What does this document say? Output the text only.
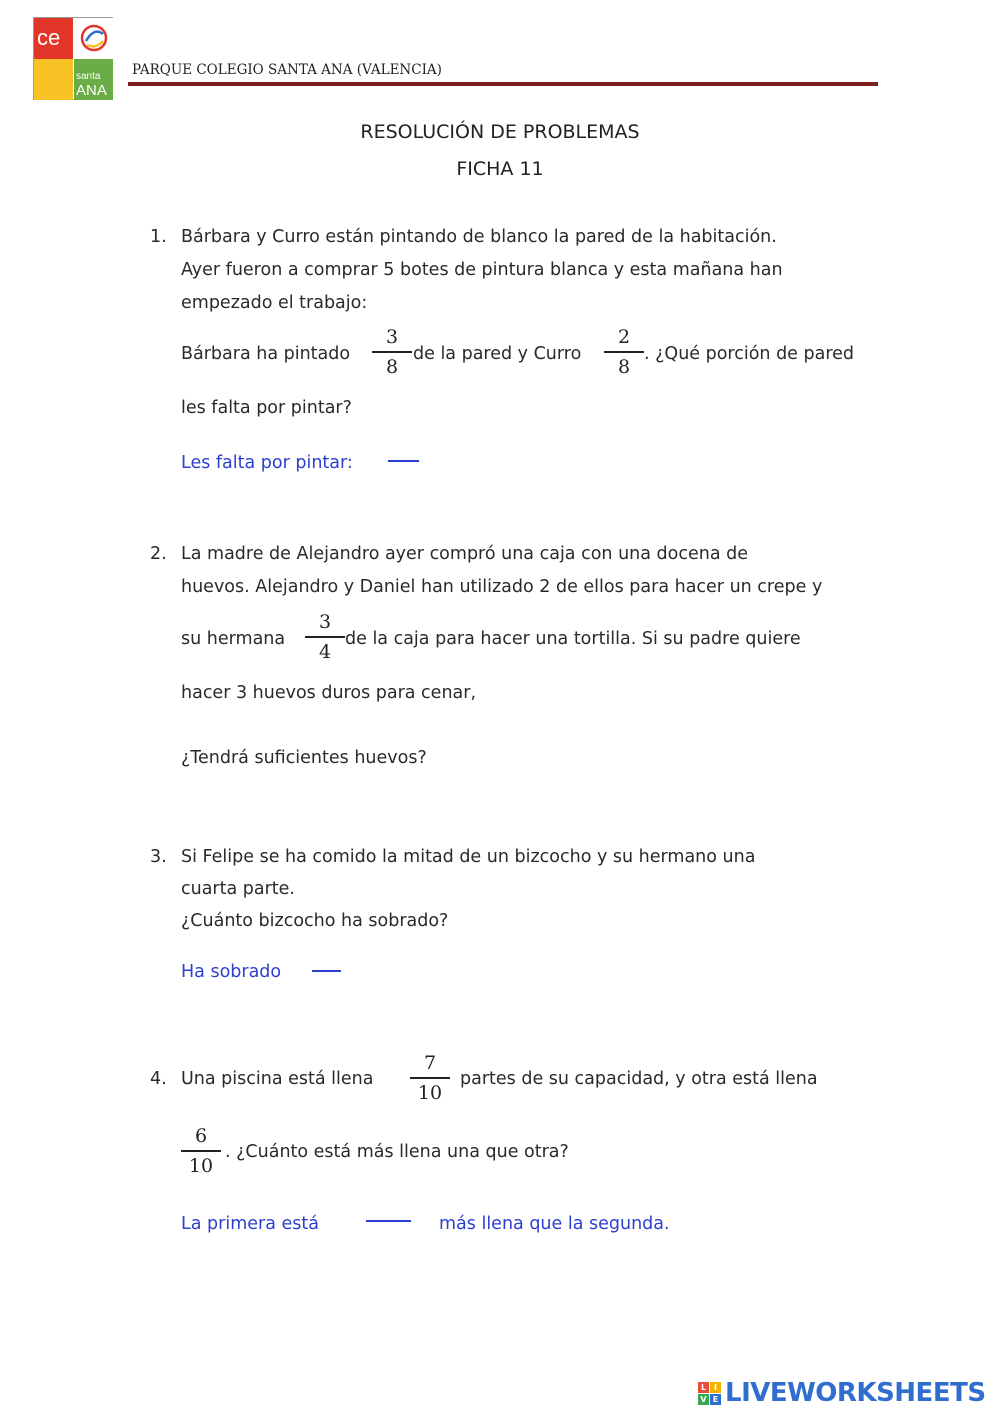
ce
santa
ANA
PARQUE COLEGIO SANTA ANA (VALENCIA)
RESOLUCIÓN DE PROBLEMAS
FICHA 11
1. Bárbara y Curro están pintando de blanco la pared de la habitación.
Ayer fueron a comprar 5 botes de pintura blanca y esta mañana han
empezado el trabajo:
Bárbara ha pintado
3
8
de la pared y Curro
2
8
. ¿Qué porción de pared
les falta por pintar?
Les falta por pintar:
2. La madre de Alejandro ayer compró una caja con una docena de
huevos. Alejandro y Daniel han utilizado 2 de ellos para hacer un crepe y
su hermana
3
4
de la caja para hacer una tortilla. Si su padre quiere
hacer 3 huevos duros para cenar,
¿Tendrá suficientes huevos?
3. Si Felipe se ha comido la mitad de un bizcocho y su hermano una
cuarta parte.
¿Cuánto bizcocho ha sobrado?
Ha sobrado
4. Una piscina está llena
7
10
partes de su capacidad, y otra está llena
6
10
. ¿Cuánto está más llena una que otra?
La primera está	más llena que la segunda.
L I
V E LIVEWORKSHEETS
